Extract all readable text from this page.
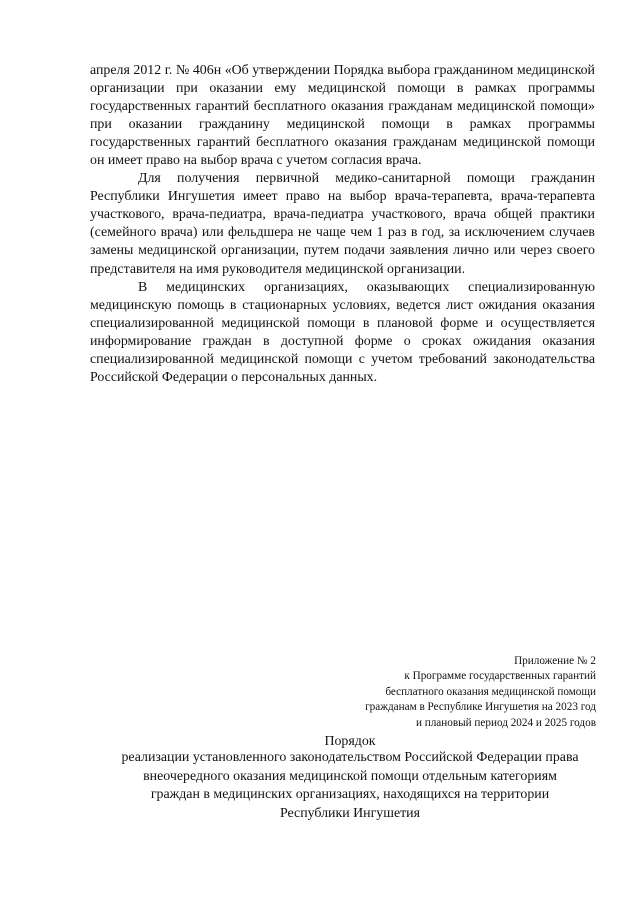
апреля 2012 г. № 406н «Об утверждении Порядка выбора гражданином медицинской организации при оказании ему медицинской помощи в рамках программы государственных гарантий бесплатного оказания гражданам медицинской помощи» при оказании гражданину медицинской помощи в рамках программы государственных гарантий бесплатного оказания гражданам медицинской помощи он имеет право на выбор врача с учетом согласия врача.

Для получения первичной медико-санитарной помощи гражданин Республики Ингушетия имеет право на выбор врача-терапевта, врача-терапевта участкового, врача-педиатра, врача-педиатра участкового, врача общей практики (семейного врача) или фельдшера не чаще чем 1 раз в год, за исключением случаев замены медицинской организации, путем подачи заявления лично или через своего представителя на имя руководителя медицинской организации.

В медицинских организациях, оказывающих специализированную медицинскую помощь в стационарных условиях, ведется лист ожидания оказания специализированной медицинской помощи в плановой форме и осуществляется информирование граждан в доступной форме о сроках ожидания оказания специализированной медицинской помощи с учетом требований законодательства Российской Федерации о персональных данных.

Приложение № 2
к Программе государственных гарантий
бесплатного оказания медицинской помощи
гражданам в Республике Ингушетия на 2023 год
и плановый период 2024 и 2025 годов
Порядок
реализации установленного законодательством Российской Федерации права
внеочередного оказания медицинской помощи отдельным категориям
граждан в медицинских организациях, находящихся на территории
Республики Ингушетия
